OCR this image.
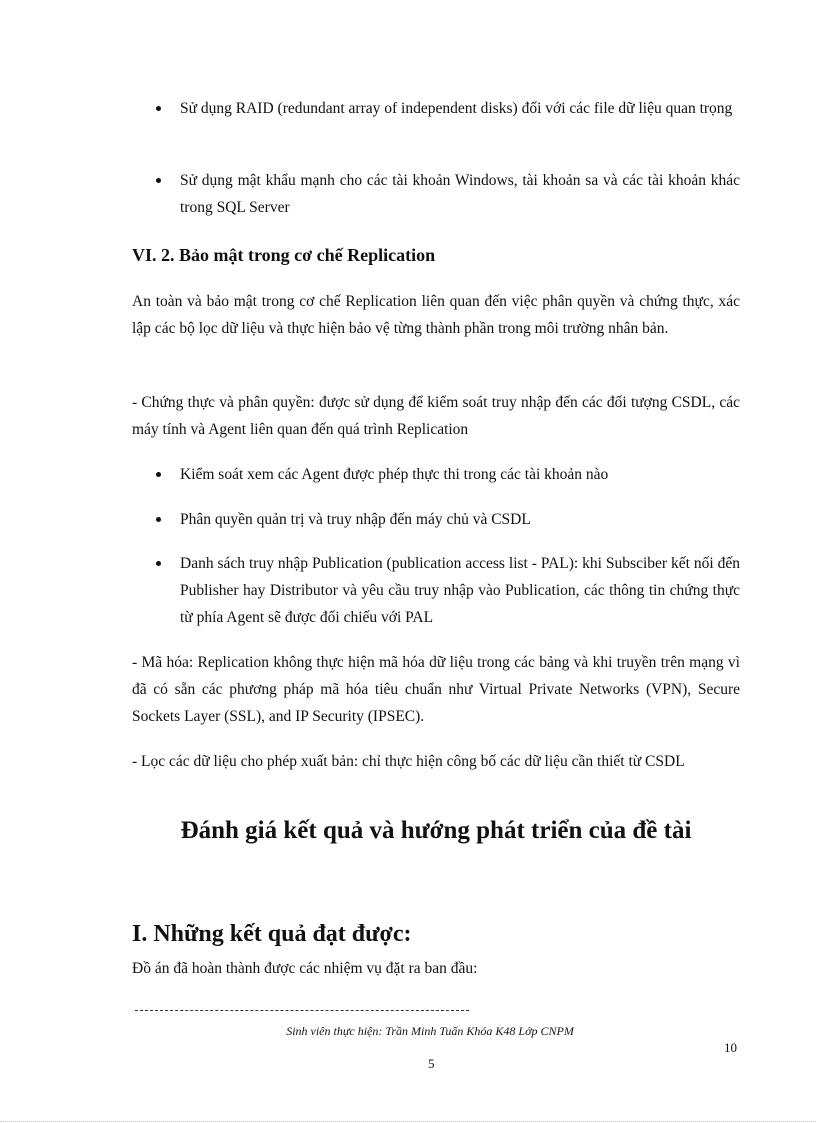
Sử dụng RAID (redundant array of independent disks) đối với các file dữ liệu quan trọng
Sử dụng mật khẩu mạnh cho các tài khoản Windows, tài khoản sa và các tài khoản khác trong SQL Server
VI. 2. Bảo mật trong cơ chế Replication

An toàn và bảo mật trong cơ chế Replication liên quan đến việc phân quyền và chứng thực, xác lập các bộ lọc dữ liệu và thực hiện bảo vệ từng thành phần trong môi trường nhân bản.

- Chứng thực và phân quyền: được sử dụng để kiểm soát truy nhập đến các đối tượng CSDL, các máy tính và Agent liên quan đến quá trình Replication

Kiểm soát xem các Agent được phép thực thi trong các tài khoản nào
Phân quyền quản trị và truy nhập đến máy chủ và CSDL
Danh sách truy nhập Publication (publication access list - PAL): khi Subsciber kết nối đến Publisher hay Distributor và yêu cầu truy nhập vào Publication, các thông tin chứng thực từ phía Agent sẽ được đối chiếu với PAL

- Mã hóa: Replication không thực hiện mã hóa dữ liệu trong các bảng và khi truyền trên mạng vì đã có sẵn các phương pháp mã hóa tiêu chuẩn như Virtual Private Networks (VPN), Secure Sockets Layer (SSL), and IP Security (IPSEC).

- Lọc các dữ liệu cho phép xuất bản: chỉ thực hiện công bố các dữ liệu cần thiết từ CSDL

Đánh giá kết quả và hướng phát triển của đề tài
I. Những kết quả đạt được:

Đồ án đã hoàn thành được các nhiệm vụ đặt ra ban đầu:

Sinh viên thực hiện: Trần Minh Tuấn Khóa K48 Lớp CNPM
10
5
